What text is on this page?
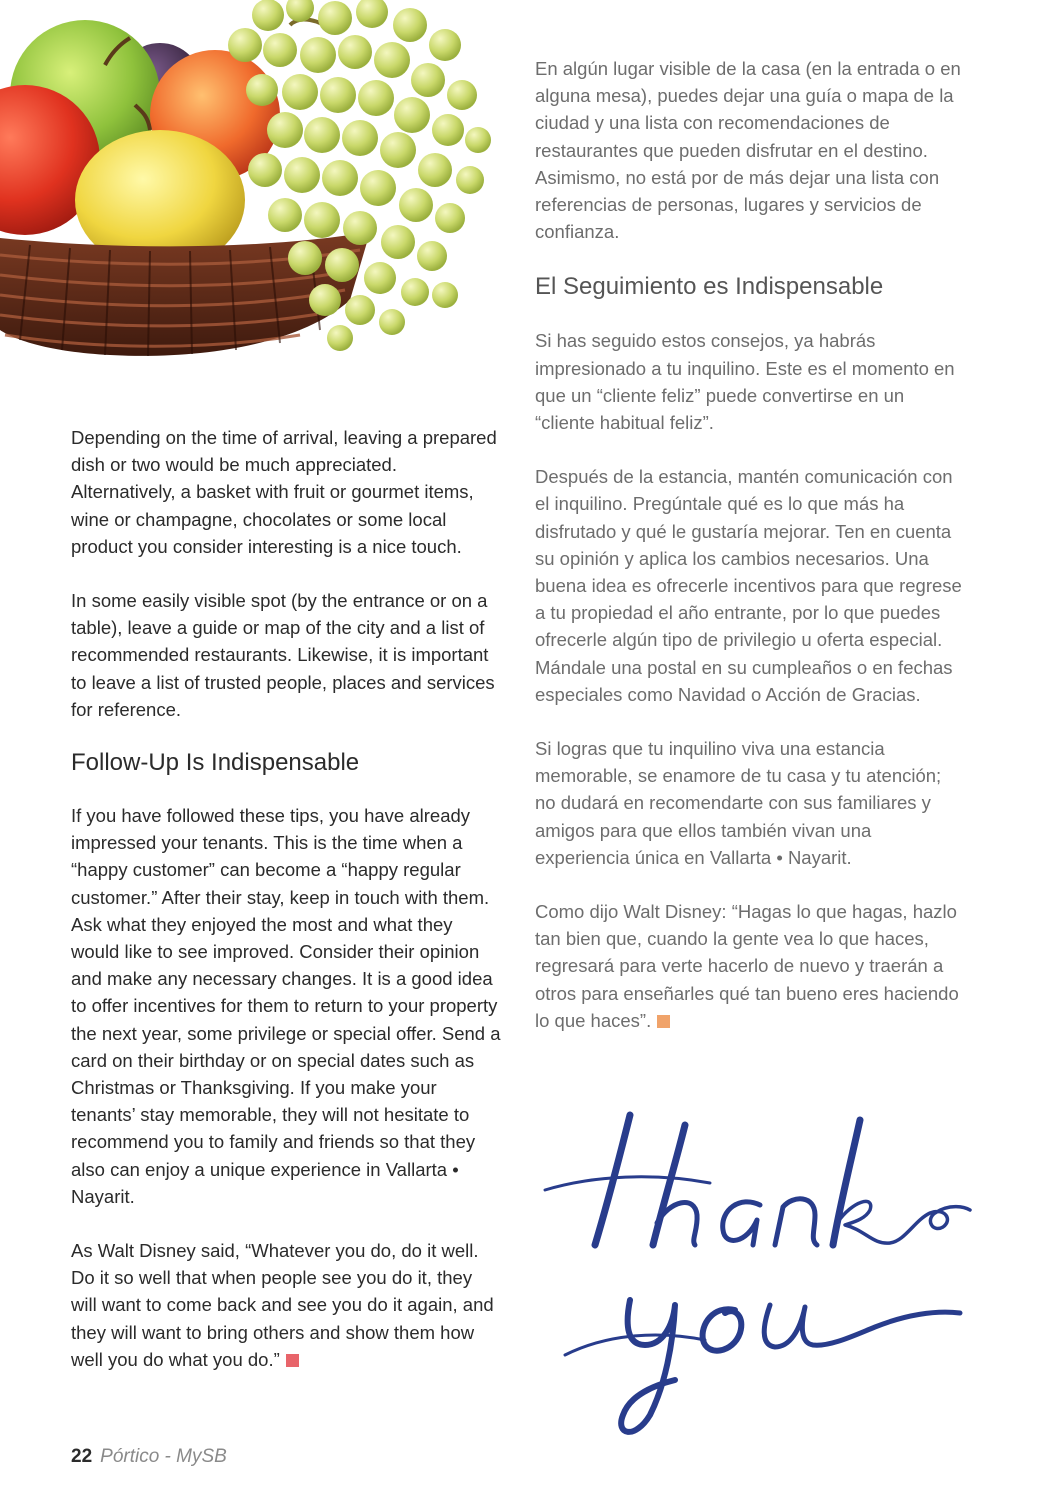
Depending on the time of arrival, leaving a prepared dish or two would be much appreciated. Alternatively, a basket with fruit or gourmet items, wine or champagne, chocolates or some local product you consider interesting is a nice touch.

In some easily visible spot (by the entrance or on a table), leave a guide or map of the city and a list of recommended restaurants. Likewise, it is important to leave a list of trusted people, places and services for reference.

Follow-Up Is Indispensable

If you have followed these tips, you have already impressed your tenants. This is the time when a “happy customer” can become a “happy regular customer.” After their stay, keep in touch with them. Ask what they enjoyed the most and what they would like to see improved. Consider their opinion and make any necessary changes. It is a good idea to offer incentives for them to return to your property the next year, some privilege or special offer. Send a card on their birthday or on special dates such as Christmas or Thanksgiving. If you make your tenants’ stay memorable, they will not hesitate to recommend you to family and friends so that they also can enjoy a unique experience in Vallarta • Nayarit.

As Walt Disney said, “Whatever you do, do it well. Do it so well that when people see you do it, they will want to come back and see you do it again, and they will want to bring others and show them how well you do what you do.”

En algún lugar visible de la casa (en la entrada o en alguna mesa), puedes dejar una guía o mapa de la ciudad y una lista con recomendaciones de restaurantes que pueden disfrutar en el destino. Asimismo, no está por de más dejar una lista con referencias de personas, lugares y servicios de confianza.

El Seguimiento es Indispensable

Si has seguido estos consejos, ya habrás impresionado a tu inquilino. Este es el momento en que un “cliente feliz” puede convertirse en un “cliente habitual feliz”.

Después de la estancia, mantén comunicación con el inquilino. Pregúntale qué es lo que más ha disfrutado y qué le gustaría mejorar. Ten en cuenta su opinión y aplica los cambios necesarios. Una buena idea es ofrecerle incentivos para que regrese a tu propiedad el año entrante, por lo que puedes ofrecerle algún tipo de privilegio u oferta especial. Mándale una postal en su cumpleaños o en fechas especiales como Navidad o Acción de Gracias.

Si logras que tu inquilino viva una estancia memorable, se enamore de tu casa y tu atención; no dudará en recomendarte con sus familiares y amigos para que ellos también vivan una experiencia única en Vallarta • Nayarit.

Como dijo Walt Disney: “Hagas lo que hagas, hazlo tan bien que, cuando la gente vea lo que haces, regresará para verte hacerlo de nuevo y traerán a otros para enseñarles qué tan bueno eres haciendo lo que haces”.

22 Pórtico - MySB
